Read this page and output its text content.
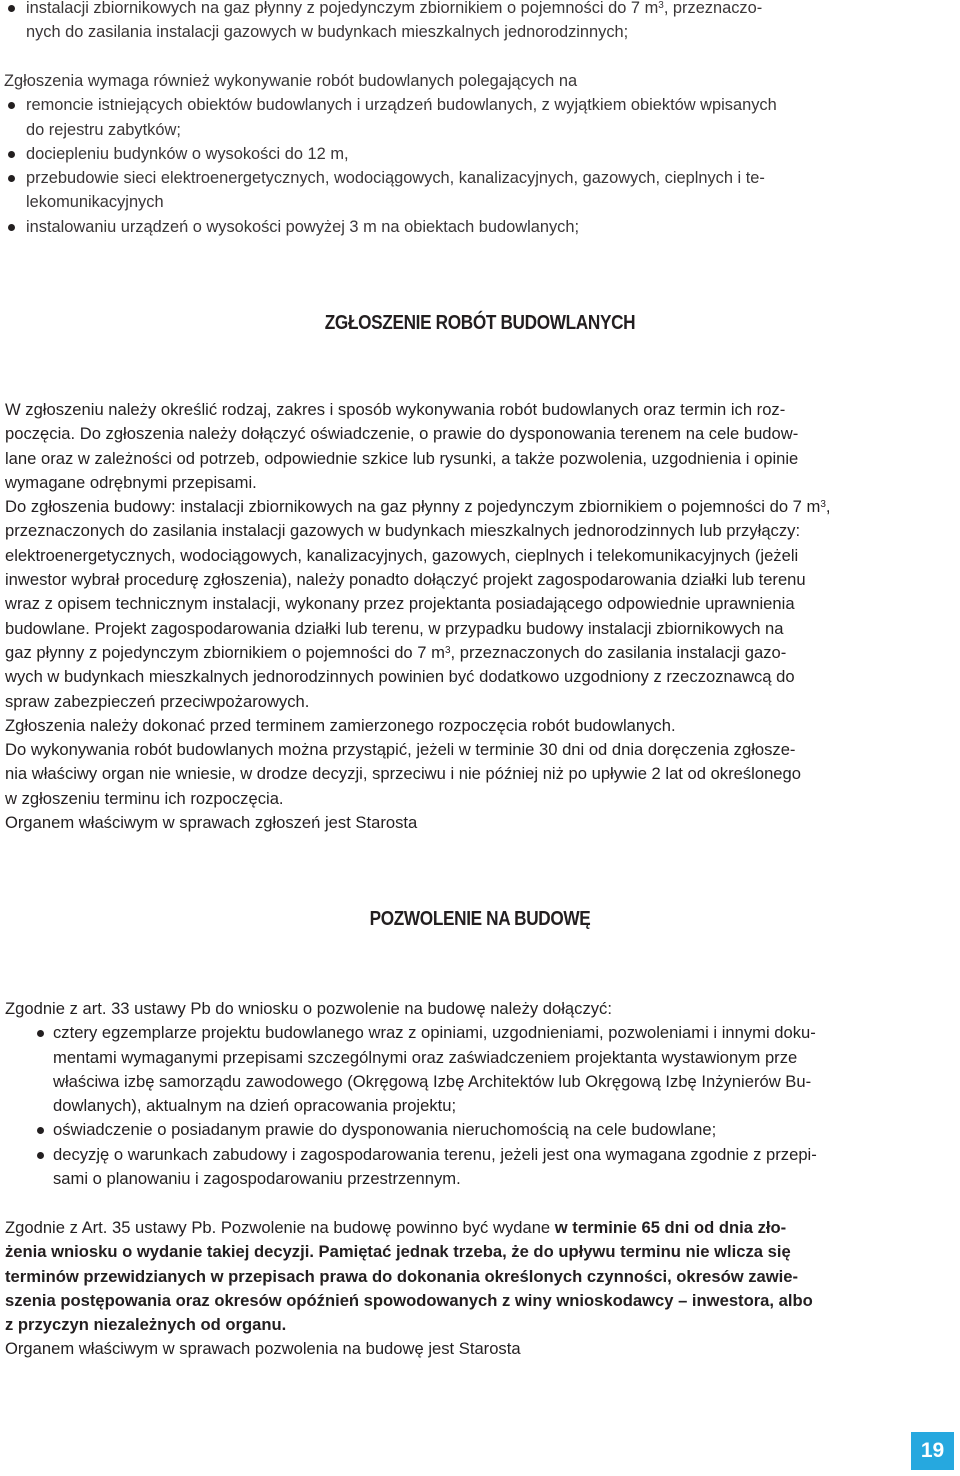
instalacji zbiornikowych na gaz płynny z pojedynczym zbiornikiem o pojemności do 7 $m^3$, przeznaczo-
nych do zasilania instalacji gazowych w budynkach mieszkalnych jednorodzinnych;
Zgłoszenia wymaga również wykonywanie robót budowlanych polegających na
remoncie istniejących obiektów budowlanych i urządzeń budowlanych, z wyjątkiem obiektów wpisanych
do rejestru zabytków;
dociepleniu budynków o wysokości do 12 m,
przebudowie sieci elektroenergetycznych, wodociągowych, kanalizacyjnych, gazowych, cieplnych i te-
lekomunikacyjnych
instalowaniu urządzeń o wysokości powyżej 3 m na obiektach budowlanych;
ZGŁOSZENIE ROBÓT BUDOWLANYCH
W zgłoszeniu należy określić rodzaj, zakres i sposób wykonywania robót budowlanych oraz termin ich roz-
poczęcia. Do zgłoszenia należy dołączyć oświadczenie, o prawie do dysponowania terenem na cele budow-
lane oraz w zależności od potrzeb, odpowiednie szkice lub rysunki, a także pozwolenia, uzgodnienia i opinie
wymagane odrębnymi przepisami.
Do zgłoszenia budowy: instalacji zbiornikowych na gaz płynny z pojedynczym zbiornikiem o pojemności do 7 $m^3$,
przeznaczonych do zasilania instalacji gazowych w budynkach mieszkalnych jednorodzinnych lub przyłączy:
elektroenergetycznych, wodociągowych, kanalizacyjnych, gazowych, cieplnych i telekomunikacyjnych (jeżeli
inwestor wybrał procedurę zgłoszenia), należy ponadto dołączyć projekt zagospodarowania działki lub terenu
wraz z opisem technicznym instalacji, wykonany przez projektanta posiadającego odpowiednie uprawnienia
budowlane. Projekt zagospodarowania działki lub terenu, w przypadku budowy instalacji zbiornikowych na
gaz płynny z pojedynczym zbiornikiem o pojemności do 7 $m^3$, przeznaczonych do zasilania instalacji gazo-
wych w budynkach mieszkalnych jednorodzinnych powinien być dodatkowo uzgodniony z rzeczoznawcą do
spraw zabezpieczeń przeciwpożarowych.
Zgłoszenia należy dokonać przed terminem zamierzonego rozpoczęcia robót budowlanych.
Do wykonywania robót budowlanych można przystąpić, jeżeli w terminie 30 dni od dnia doręczenia zgłosze-
nia właściwy organ nie wniesie, w drodze decyzji, sprzeciwu i nie później niż po upływie 2 lat od określonego
w zgłoszeniu terminu ich rozpoczęcia.
Organem właściwym w sprawach zgłoszeń jest Starosta
POZWOLENIE NA BUDOWĘ
Zgodnie z art. 33 ustawy Pb do wniosku o pozwolenie na budowę należy dołączyć:
cztery egzemplarze projektu budowlanego wraz z opiniami, uzgodnieniami, pozwoleniami i innymi doku-
mentami wymaganymi przepisami szczególnymi oraz zaświadczeniem projektanta wystawionym prze
właściwa izbę samorządu zawodowego (Okręgową Izbę Architektów lub Okręgową Izbę Inżynierów Bu-
dowlanych), aktualnym na dzień opracowania projektu;
oświadczenie o posiadanym prawie do dysponowania nieruchomością na cele budowlane;
decyzję o warunkach zabudowy i zagospodarowania terenu, jeżeli jest ona wymagana zgodnie z przepi-
sami o planowaniu i zagospodarowaniu przestrzennym.
Zgodnie z Art. 35 ustawy Pb. Pozwolenie na budowę powinno być wydane w terminie 65 dni od dnia zło-
żenia wniosku o wydanie takiej decyzji. Pamiętać jednak trzeba, że do upływu terminu nie wlicza się
terminów przewidzianych w przepisach prawa do dokonania określonych czynności, okresów zawie-
szenia postępowania oraz okresów opóźnień spowodowanych z winy wnioskodawcy – inwestora, albo
z przyczyn niezależnych od organu.
Organem właściwym w sprawach pozwolenia na budowę jest Starosta
19
